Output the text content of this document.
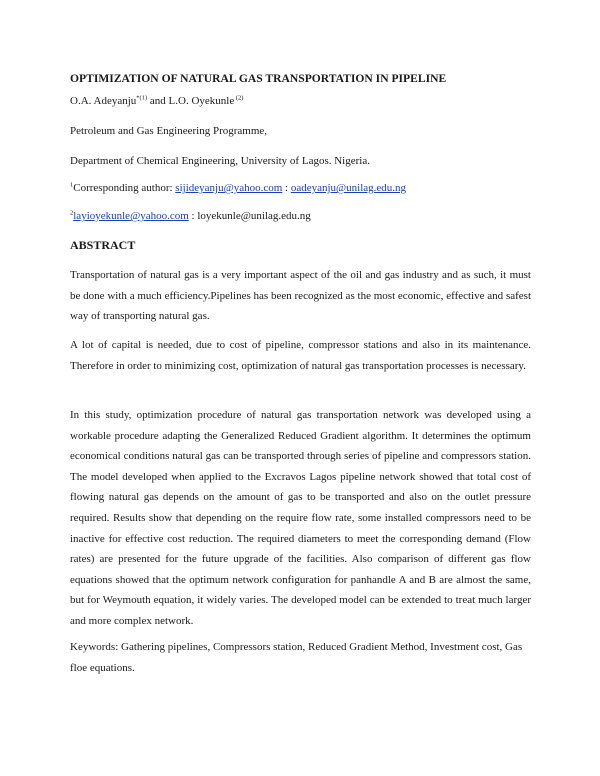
OPTIMIZATION OF NATURAL GAS TRANSPORTATION IN PIPELINE
O.A. Adeyanju$^{*(1)}$ and L.O. Oyekunle $^{(2)}$
Petroleum and Gas Engineering Programme,
Department of Chemical Engineering, University of Lagos. Nigeria.
$^1$Corresponding author: sijideyanju@yahoo.com : oadeyanju@unilag.edu.ng
$^2$layioyekunle@yahoo.com : loyekunle@unilag.edu.ng
ABSTRACT

Transportation of natural gas is a very important aspect of the oil and gas industry and as such, it must be done with a much efficiency.Pipelines has been recognized as the most economic, effective and safest way of transporting natural gas.

A lot of capital is needed, due to cost of pipeline, compressor stations and also in its maintenance. Therefore in order to minimizing cost, optimization of natural gas transportation processes is necessary.

In this study, optimization procedure of natural gas transportation network was developed using a workable procedure adapting the Generalized Reduced Gradient algorithm. It determines the optimum economical conditions natural gas can be transported through series of pipeline and compressors station. The model developed when applied to the Excravos Lagos pipeline network showed that total cost of flowing natural gas depends on the amount of gas to be transported and also on the outlet pressure required. Results show that depending on the require flow rate, some installed compressors need to be inactive for effective cost reduction. The required diameters to meet the corresponding demand (Flow rates) are presented for the future upgrade of the facilities. Also comparison of different gas flow equations showed that the optimum network configuration for panhandle A and B are almost the same, but for Weymouth equation, it widely varies. The developed model can be extended to treat much larger and more complex network.

Keywords: Gathering pipelines, Compressors station, Reduced Gradient Method, Investment cost, Gas floe equations.
